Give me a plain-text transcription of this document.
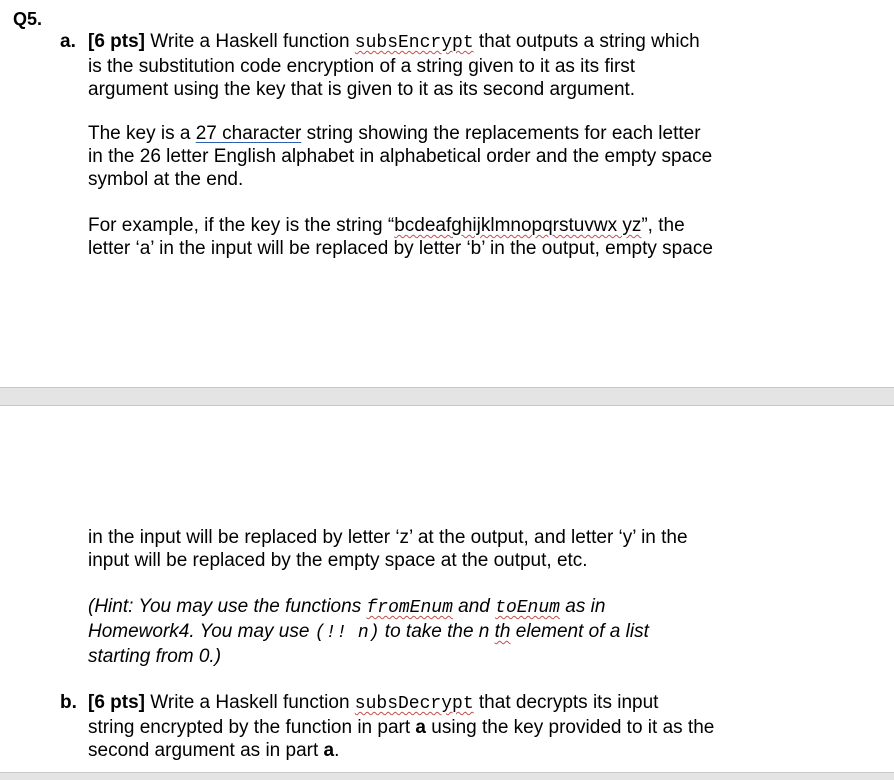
Q5.
a. [6 pts] Write a Haskell function subsEncrypt that outputs a string which
is the substitution code encryption of a string given to it as its first
argument using the key that is given to it as its second argument.

The key is a 27 character string showing the replacements for each letter
in the 26 letter English alphabet in alphabetical order and the empty space
symbol at the end.

For example, if the key is the string “bcdeafghijklmnopqrstuvwx yz”, the
letter ‘a’ in the input will be replaced by letter ‘b’ in the output, empty space

in the input will be replaced by letter ‘z’ at the output, and letter ‘y’ in the
input will be replaced by the empty space at the output, etc.

(Hint: You may use the functions fromEnum and toEnum as in
Homework4. You may use (!! n) to take the n th element of a list
starting from 0.)

b. [6 pts] Write a Haskell function subsDecrypt that decrypts its input
string encrypted by the function in part a using the key provided to it as the
second argument as in part a.
